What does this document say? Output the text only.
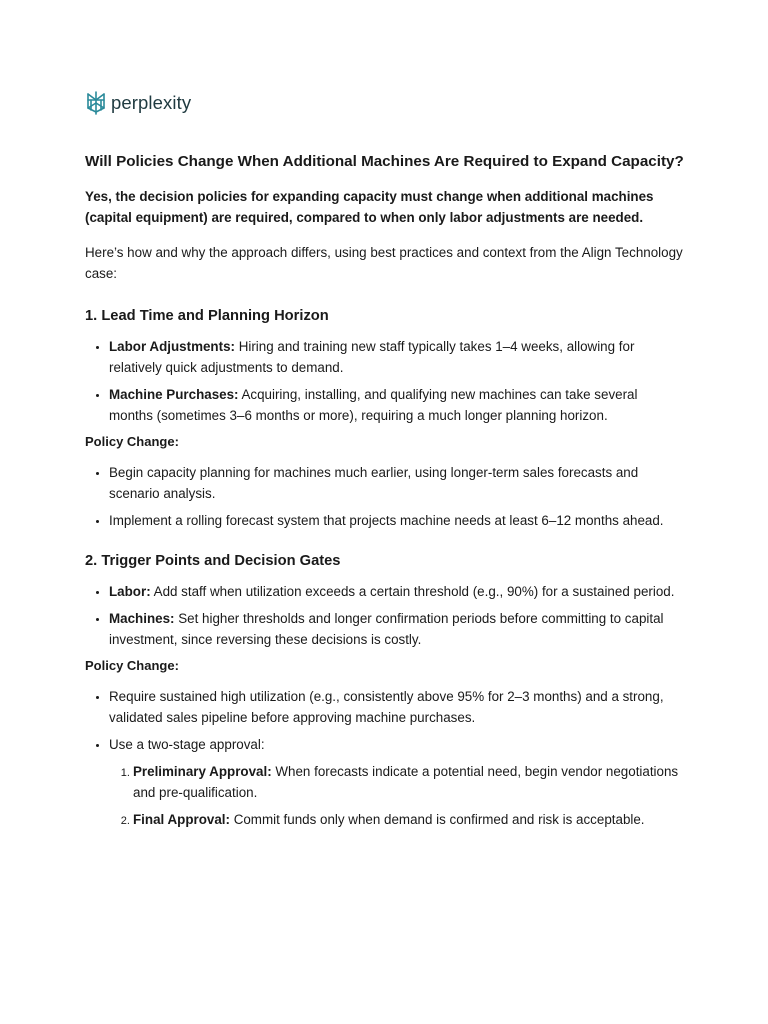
perplexity
Will Policies Change When Additional Machines Are Required to Expand Capacity?

Yes, the decision policies for expanding capacity must change when additional machines (capital equipment) are required, compared to when only labor adjustments are needed.

Here’s how and why the approach differs, using best practices and context from the Align Technology case:

1. Lead Time and Planning Horizon
• Labor Adjustments: Hiring and training new staff typically takes 1–4 weeks, allowing for relatively quick adjustments to demand.
• Machine Purchases: Acquiring, installing, and qualifying new machines can take several months (sometimes 3–6 months or more), requiring a much longer planning horizon.
Policy Change:
• Begin capacity planning for machines much earlier, using longer-term sales forecasts and scenario analysis.
• Implement a rolling forecast system that projects machine needs at least 6–12 months ahead.
2. Trigger Points and Decision Gates
• Labor: Add staff when utilization exceeds a certain threshold (e.g., 90%) for a sustained period.
• Machines: Set higher thresholds and longer confirmation periods before committing to capital investment, since reversing these decisions is costly.
Policy Change:
• Require sustained high utilization (e.g., consistently above 95% for 2–3 months) and a strong, validated sales pipeline before approving machine purchases.
• Use a two-stage approval:
1. Preliminary Approval: When forecasts indicate a potential need, begin vendor negotiations and pre-qualification.
2. Final Approval: Commit funds only when demand is confirmed and risk is acceptable.
